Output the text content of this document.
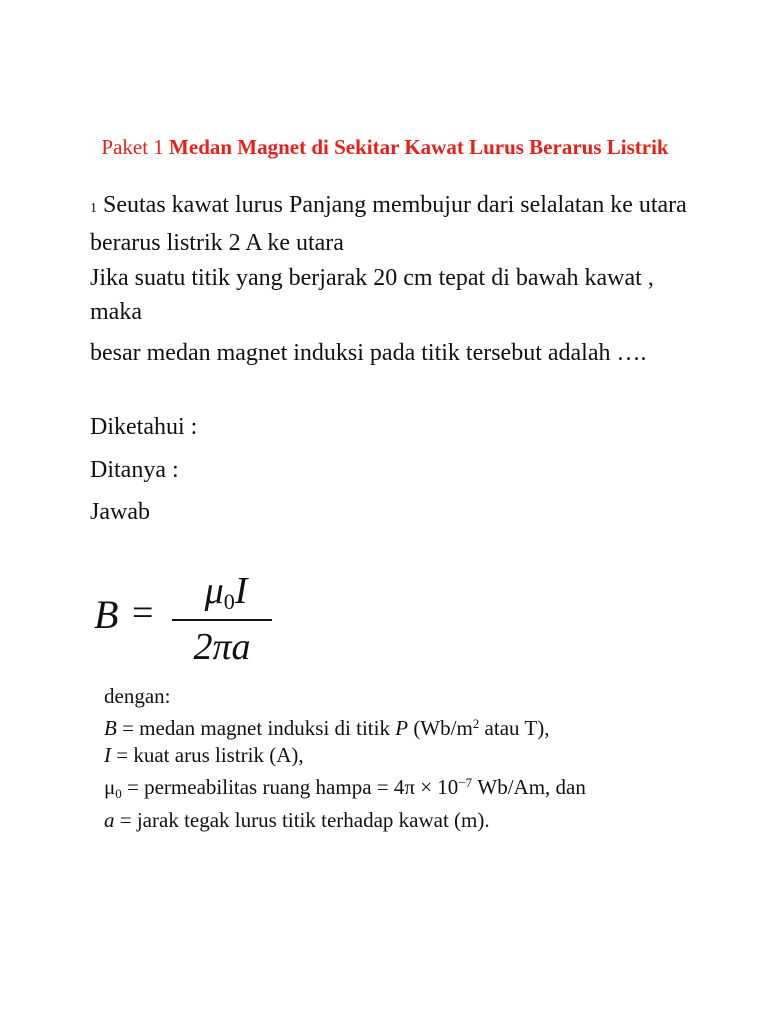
Paket 1 Medan Magnet di Sekitar Kawat Lurus Berarus Listrik
1 Seutas kawat lurus Panjang membujur dari selalatan ke utara berarus listrik 2 A ke utara
Jika suatu titik yang berjarak 20 cm tepat di bawah kawat , maka
besar medan magnet induksi pada titik tersebut adalah ….
Diketahui :
Ditanya :
Jawab
B =
$\mu_0I$
2πa
dengan:
B = medan magnet induksi di titik P ($Wb/m^2$ atau T),
I = kuat arus listrik (A),
$\mu_0$ = permeabilitas ruang hampa = $4\pi \times 10^{-7}$ Wb/Am, dan
a = jarak tegak lurus titik terhadap kawat (m).
